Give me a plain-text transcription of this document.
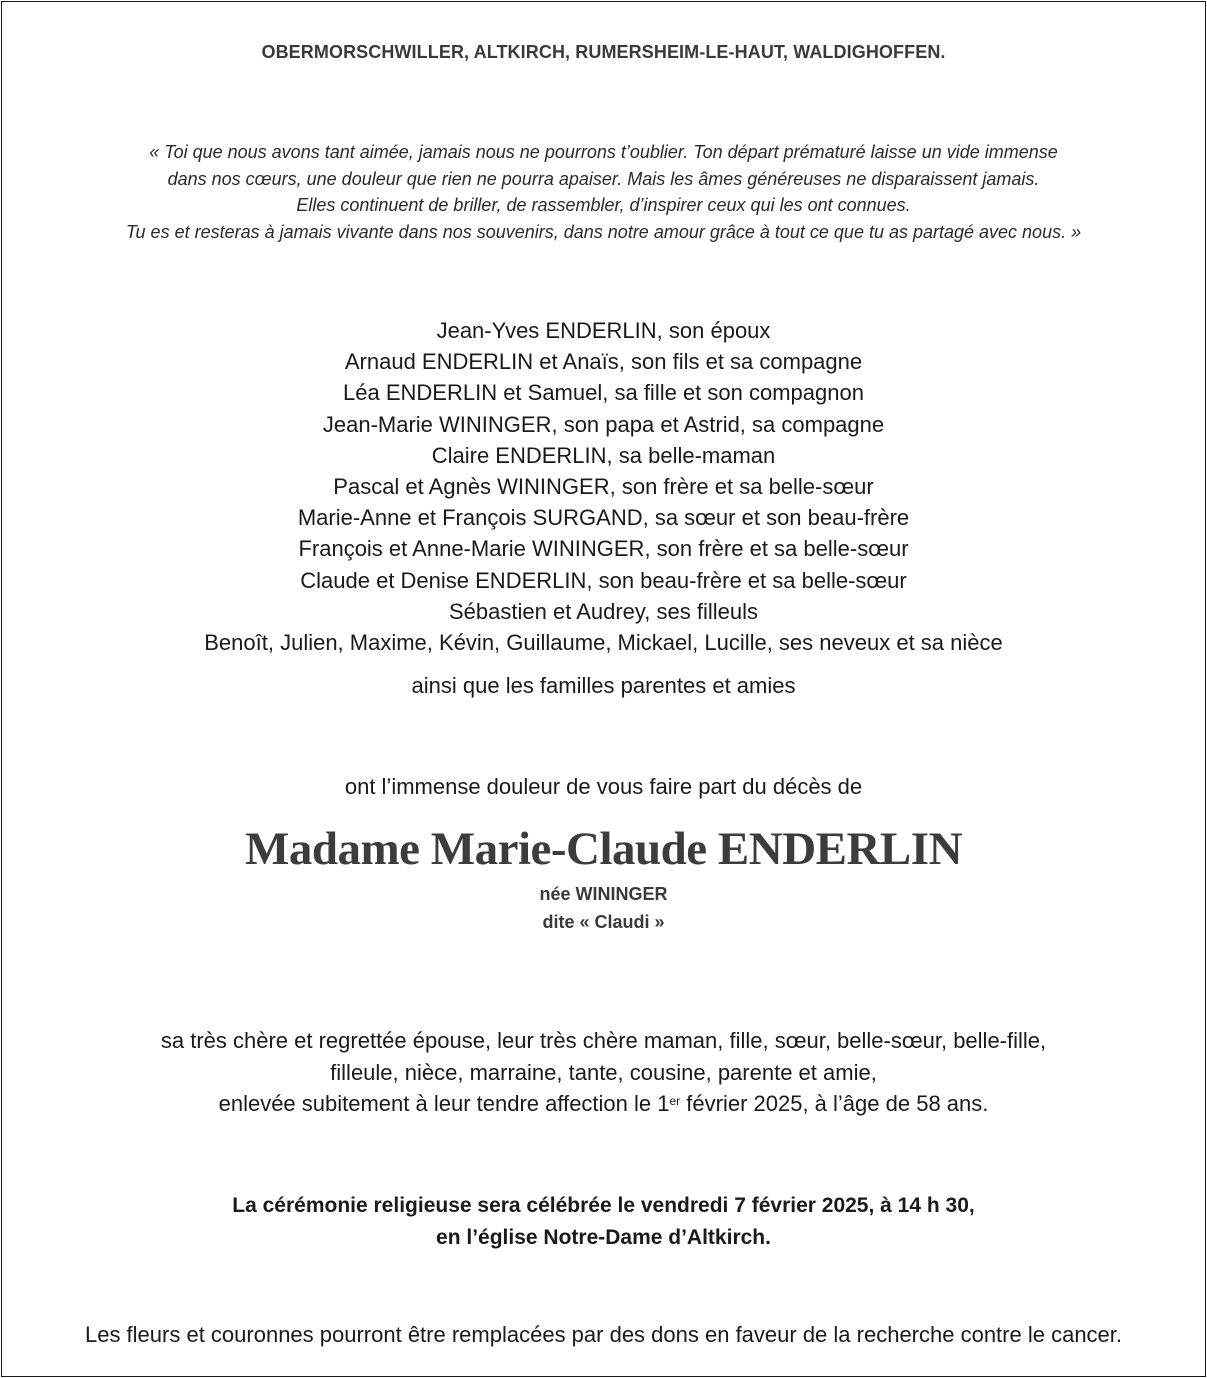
OBERMORSCHWILLER, ALTKIRCH, RUMERSHEIM-LE-HAUT, WALDIGHOFFEN.
« Toi que nous avons tant aimée, jamais nous ne pourrons t’oublier. Ton départ prématuré laisse un vide immense
dans nos cœurs, une douleur que rien ne pourra apaiser. Mais les âmes généreuses ne disparaissent jamais.
Elles continuent de briller, de rassembler, d’inspirer ceux qui les ont connues.
Tu es et resteras à jamais vivante dans nos souvenirs, dans notre amour grâce à tout ce que tu as partagé avec nous. »
Jean-Yves ENDERLIN, son époux
Arnaud ENDERLIN et Anaïs, son fils et sa compagne
Léa ENDERLIN et Samuel, sa fille et son compagnon
Jean-Marie WININGER, son papa et Astrid, sa compagne
Claire ENDERLIN, sa belle-maman
Pascal et Agnès WININGER, son frère et sa belle-sœur
Marie-Anne et François SURGAND, sa sœur et son beau-frère
François et Anne-Marie WININGER, son frère et sa belle-sœur
Claude et Denise ENDERLIN, son beau-frère et sa belle-sœur
Sébastien et Audrey, ses filleuls
Benoît, Julien, Maxime, Kévin, Guillaume, Mickael, Lucille, ses neveux et sa nièce
ainsi que les familles parentes et amies
ont l’immense douleur de vous faire part du décès de
Madame Marie-Claude ENDERLIN
née WININGER
dite « Claudi »
sa très chère et regrettée épouse, leur très chère maman, fille, sœur, belle-sœur, belle-fille,
filleule, nièce, marraine, tante, cousine, parente et amie,
enlevée subitement à leur tendre affection le 1er février 2025, à l’âge de 58 ans.
La cérémonie religieuse sera célébrée le vendredi 7 février 2025, à 14 h 30,
en l’église Notre-Dame d’Altkirch.
Les fleurs et couronnes pourront être remplacées par des dons en faveur de la recherche contre le cancer.
